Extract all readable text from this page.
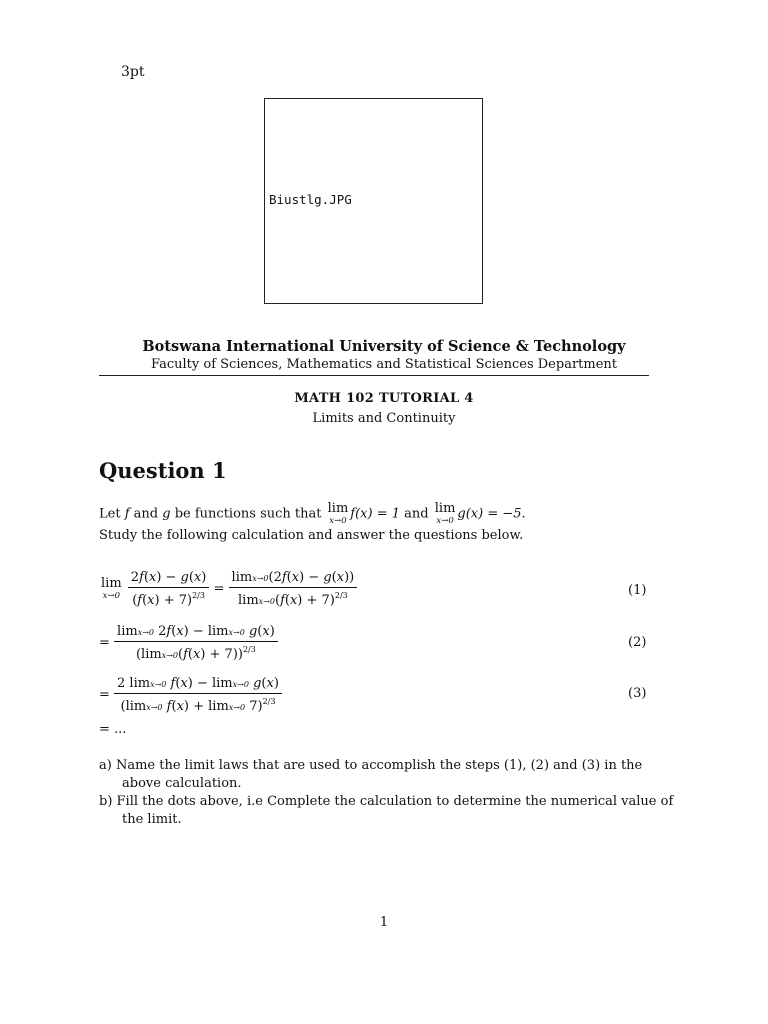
3pt
Biustlg.JPG
Botswana International University of Science & Technology
Faculty of Sciences, Mathematics and Statistical Sciences Department
MATH 102 TUTORIAL 4
Limits and Continuity
Question 1
Let f and g be functions such that lim
x→0 f(x) = 1 and lim
x→0 g(x) = −5.
Study the following calculation and answer the questions below.
lim
x→0
$\frac{2f(x) - g(x)}{(f(x) + 7)^{2/3}} = \frac{\lim x\to 0(2f(x) - g(x))}{\lim x\to 0(f(x) + 7)^{2/3}}$	(1)
= $\frac{\lim x\to 0 2f(x) - \lim x\to 0 g(x)}{(\lim x\to 0(f(x) + 7))^{2/3}}$	(2)
= $\frac{2 \lim x\to 0 f(x) - \lim x\to 0 g(x)}{(\lim x\to 0 f(x) + \lim x\to 0 7)^{2/3}}$	(3)
= ...
a) Name the limit laws that are used to accomplish the steps (1), (2) and (3) in the above calculation.
b) Fill the dots above, i.e Complete the calculation to determine the numerical value of the limit.
1
